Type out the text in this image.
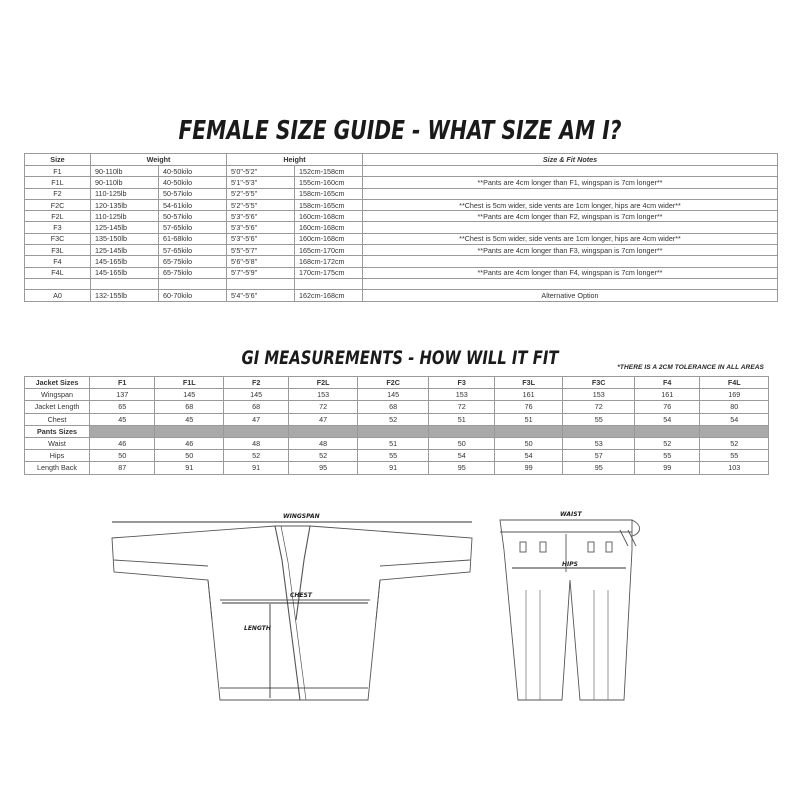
FEMALE SIZE GUIDE - WHAT SIZE AM I?
Size	Weight		Height		Size & Fit Notes
F1	90-110lb	40-50kilo	5'0"-5'2"	152cm-158cm	
F1L	90-110lb	40-50kilo	5'1"-5'3"	155cm-160cm	**Pants are 4cm longer than F1, wingspan is 7cm longer**
F2	110-125lb	50-57kilo	5'2"-5'5"	158cm-165cm	
F2C	120-135lb	54-61kilo	5'2"-5'5"	158cm-165cm	**Chest is 5cm wider, side vents are 1cm longer, hips are 4cm wider**
F2L	110-125lb	50-57kilo	5'3"-5'6"	160cm-168cm	**Pants are 4cm longer than F2, wingspan is 7cm longer**
F3	125-145lb	57-65kilo	5'3"-5'6"	160cm-168cm	
F3C	135-150lb	61-68kilo	5'3"-5'6"	160cm-168cm	**Chest is 5cm wider, side vents are 1cm longer, hips are 4cm wider**
F3L	125-145lb	57-65kilo	5'5"-5'7"	165cm-170cm	**Pants are 4cm longer than F3, wingspan is 7cm longer**
F4	145-165lb	65-75kilo	5'6"-5'8"	168cm-172cm	
F4L	145-165lb	65-75kilo	5'7"-5'9"	170cm-175cm	**Pants are 4cm longer than F4, wingspan is 7cm longer**

A0	132-155lb	60-70kilo	5'4"-5'6"	162cm-168cm	Alternative Option
GI MEASUREMENTS - HOW WILL IT FIT	*THERE IS A 2CM TOLERANCE IN ALL AREAS
Jacket Sizes	F1	F1L	F2	F2L	F2C	F3	F3L	F3C	F4	F4L
Wingspan	137	145	145	153	145	153	161	153	161	169
Jacket Length	65	68	68	72	68	72	76	72	76	80
Chest	45	45	47	47	52	51	51	55	54	54
Pants Sizes										
Waist	46	46	48	48	51	50	50	53	52	52
Hips	50	50	52	52	55	54	54	57	55	55
Length Back	87	91	91	95	91	95	99	95	99	103
WINGSPAN
CHEST
LENGTH
WAIST
HIPS
